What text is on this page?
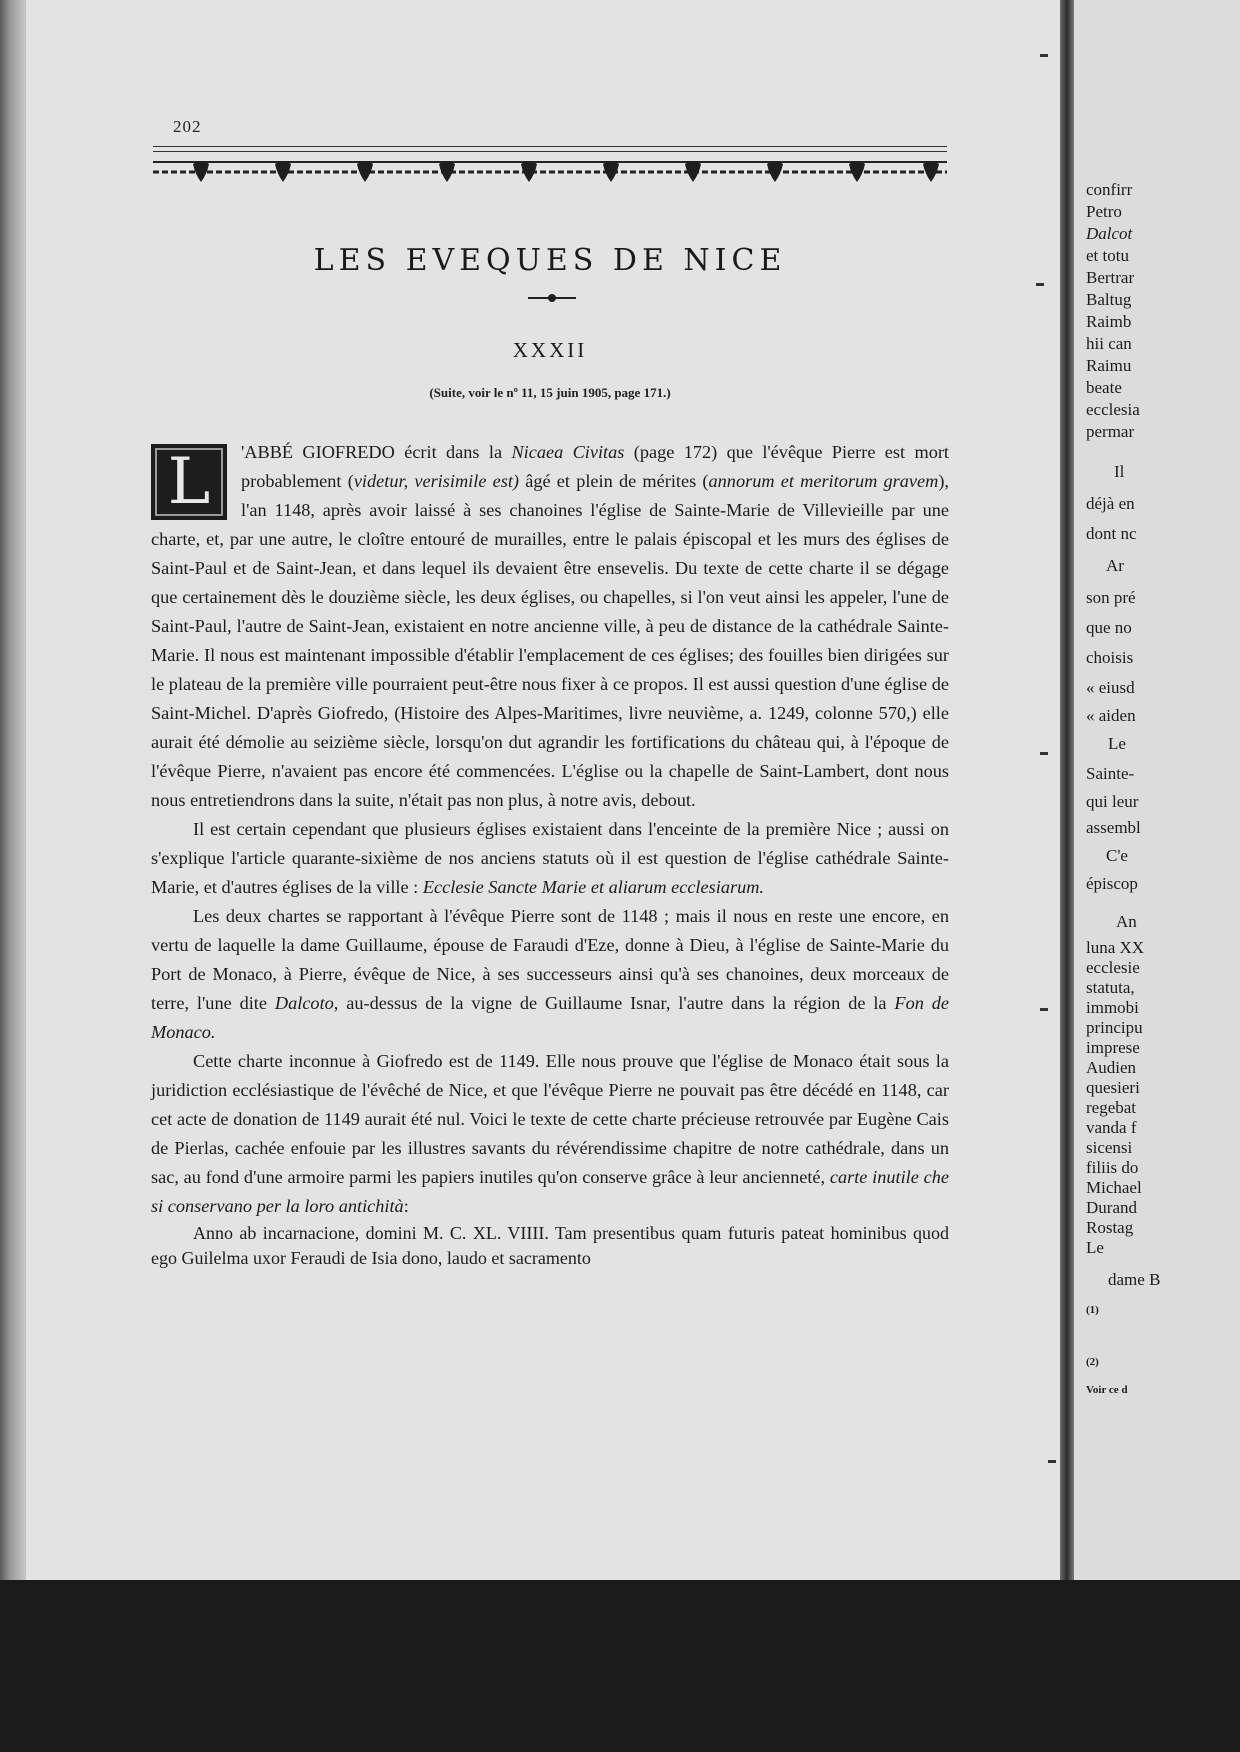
202
LES EVEQUES DE NICE
XXXII
(Suite, voir le nº 11, 15 juin 1905, page 171.)

L	'ABBÉ GIOFREDO écrit dans la Nicaea Civitas (page 172) que l'évêque Pierre est mort probablement (videtur, verisimile est) âgé et plein de mérites (annorum et meritorum gravem), l'an 1148, après avoir laissé à ses chanoines l'église de Sainte-Marie de Villevieille par une charte, et, par une autre, le cloître entouré de murailles, entre le palais épiscopal et les murs des églises de Saint-Paul et de Saint-Jean, et dans lequel ils devaient être ensevelis. Du texte de cette charte il se dégage que certainement dès le douzième siècle, les deux églises, ou chapelles, si l'on veut ainsi les appeler, l'une de Saint-Paul, l'autre de Saint-Jean, existaient en notre ancienne ville, à peu de distance de la cathédrale Sainte-Marie. Il nous est maintenant impossible d'établir l'emplacement de ces églises; des fouilles bien dirigées sur le plateau de la première ville pourraient peut-être nous fixer à ce propos. Il est aussi question d'une église de Saint-Michel. D'après Giofredo, (Histoire des Alpes-Maritimes, livre neuvième, a. 1249, colonne 570,) elle aurait été démolie au seizième siècle, lorsqu'on dut agrandir les fortifications du château qui, à l'époque de l'évêque Pierre, n'avaient pas encore été commencées. L'église ou la chapelle de Saint-Lambert, dont nous nous entretiendrons dans la suite, n'était pas non plus, à notre avis, debout.

Il est certain cependant que plusieurs églises existaient dans l'enceinte de la première Nice ; aussi on s'explique l'article quarante-sixième de nos anciens statuts où il est question de l'église cathédrale Sainte-Marie, et d'autres églises de la ville : Ecclesie Sancte Marie et aliarum ecclesiarum.

Les deux chartes se rapportant à l'évêque Pierre sont de 1148 ; mais il nous en reste une encore, en vertu de laquelle la dame Guillaume, épouse de Faraudi d'Eze, donne à Dieu, à l'église de Sainte-Marie du Port de Monaco, à Pierre, évêque de Nice, à ses successeurs ainsi qu'à ses chanoines, deux morceaux de terre, l'une dite Dalcoto, au-dessus de la vigne de Guillaume Isnar, l'autre dans la région de la Fon de Monaco.

Cette charte inconnue à Giofredo est de 1149. Elle nous prouve que l'église de Monaco était sous la juridiction ecclésiastique de l'évêché de Nice, et que l'évêque Pierre ne pouvait pas être décédé en 1148, car cet acte de donation de 1149 aurait été nul. Voici le texte de cette charte précieuse retrouvée par Eugène Cais de Pierlas, cachée enfouie par les illustres savants du révérendissime chapitre de notre cathédrale, dans un sac, au fond d'une armoire parmi les papiers inutiles qu'on conserve grâce à leur ancienneté, carte inutile che si conservano per la loro antichità:

Anno ab incarnacione, domini M. C. XL. VIIII. Tam presentibus quam futuris pateat hominibus quod ego Guilelma uxor Feraudi de Isia dono, laudo et sacramento

confirr
Petro
Dalcot
et totu
Bertrar
Baltug
Raimb
hii can
Raimu
beate
ecclesia
permar
Il
déjà en
dont nc
Ar
son pré
que no
choisis
« eiusd
« aiden
Le
Sainte-
qui leur
assembl
C'e
épiscop
An
luna XX
ecclesie
statuta,
immobi
principu
imprese
Audien
quesieri
regebat
vanda f
sicensi
filiis do
Michael
Durand
Rostag
Le
dame B
(1)
(2)
Voir ce d
